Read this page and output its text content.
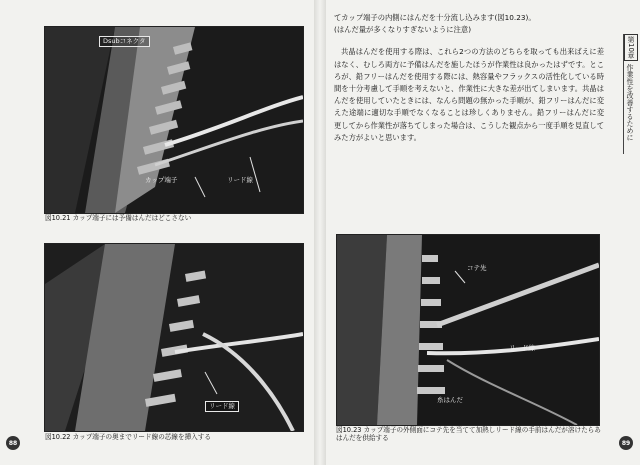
Dsubコネクタ
カップ端子	リード線
図10.21 カップ端子には予備はんだはどこさない
リード線
図10.22 カップ端子の奥までリード線の芯線を挿入する
88

てカップ端子の内側にはんだを十分流し込みます(図10.23)。

(はんだ量が多くなりすぎないように注意)

共晶はんだを使用する際は、これら2つの方法のどちらを取っても出来ばえに差はなく、むしろ両方に予備はんだを施したほうが作業性は良かったはずです。ところが、鉛フリーはんだを使用する際には、熱容量やフラックスの活性化している時間を十分考慮して手順を考えないと、作業性に大きな差が出てしまいます。共晶はんだを使用していたときには、なんら問題の無かった手順が、鉛フリーはんだに変えた途端に適切な手順でなくなることは珍しくありません。鉛フリーはんだに変更してから作業性が落ちてしまった場合は、こうした観点から一度手順を見直してみた方がよいと思います。

第10章
作業性を改善するために
コテ先
リード線
糸はんだ
図10.23 カップ端子の外側面にコテ先を当てて加熱しリード線の手前はんだが溶けたらあはんだを供給する
89
